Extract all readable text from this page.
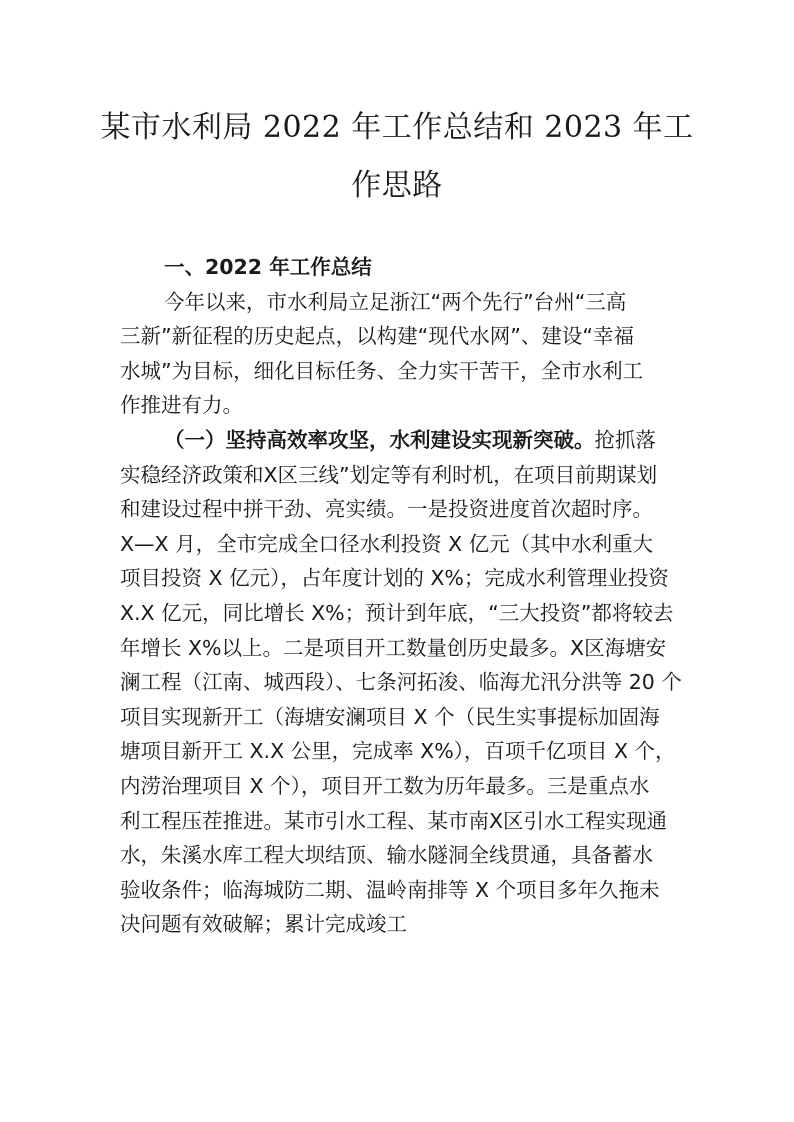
某市水利局 2022 年工作总结和 2023 年工
作思路
一、2022 年工作总结
今年以来，市水利局立足浙江“两个先行”台州“三高
三新”新征程的历史起点，以构建“现代水网”、建设“幸福
水城”为目标，细化目标任务、全力实干苦干，全市水利工
作推进有力。
（一）坚持高效率攻坚，水利建设实现新突破。抢抓落
实稳经济政策和X区三线”划定等有利时机，在项目前期谋划
和建设过程中拼干劲、亮实绩。一是投资进度首次超时序。
X—X 月，全市完成全口径水利投资 X 亿元（其中水利重大
项目投资 X 亿元），占年度计划的 X%；完成水利管理业投资
X.X 亿元，同比增长 X%；预计到年底，“三大投资”都将较去
年增长 X%以上。二是项目开工数量创历史最多。X区海塘安
澜工程（江南、城西段）、七条河拓浚、临海尤汛分洪等 20 个
项目实现新开工（海塘安澜项目 X 个（民生实事提标加固海
塘项目新开工 X.X 公里，完成率 X%），百项千亿项目 X 个，
内涝治理项目 X 个），项目开工数为历年最多。三是重点水
利工程压茬推进。某市引水工程、某市南X区引水工程实现通
水，朱溪水库工程大坝结顶、输水隧洞全线贯通，具备蓄水
验收条件；临海城防二期、温岭南排等 X 个项目多年久拖未
决问题有效破解；累计完成竣工
